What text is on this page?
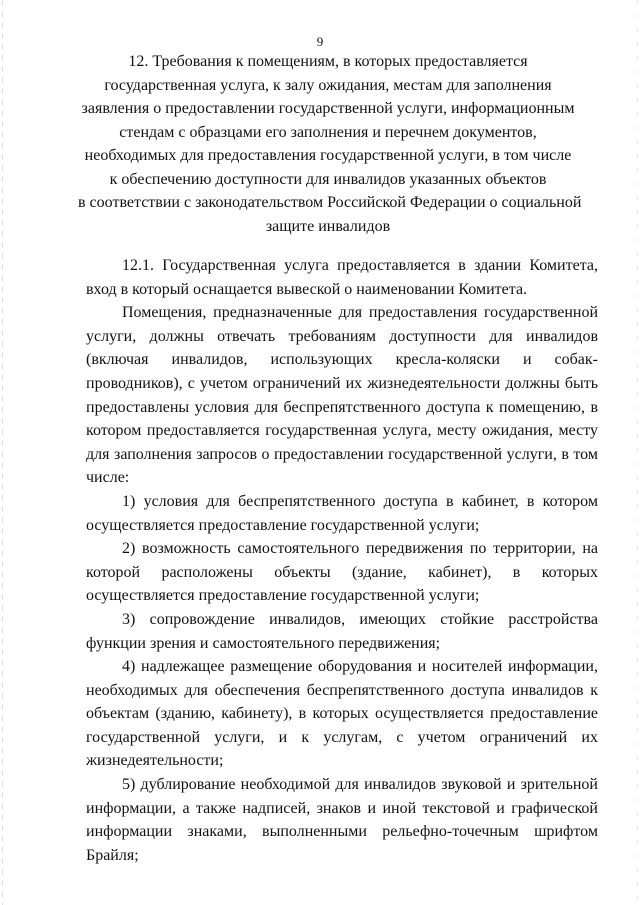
9
12. Требования к помещениям, в которых предоставляется
государственная услуга, к залу ожидания, местам для заполнения
заявления о предоставлении государственной услуги, информационным
стендам с образцами его заполнения и перечнем документов,
необходимых для предоставления государственной услуги, в том числе
к обеспечению доступности для инвалидов указанных объектов
в соответствии с законодательством Российской Федерации о социальной
защите инвалидов

12.1. Государственная услуга предоставляется в здании Комитета, вход в который оснащается вывеской о наименовании Комитета.

Помещения, предназначенные для предоставления государственной услуги, должны отвечать требованиям доступности для инвалидов (включая инвалидов, использующих кресла-коляски и собак-проводников), с учетом ограничений их жизнедеятельности должны быть предоставлены условия для беспрепятственного доступа к помещению, в котором предоставляется государственная услуга, месту ожидания, месту для заполнения запросов о предоставлении государственной услуги, в том числе:

1) условия для беспрепятственного доступа в кабинет, в котором осуществляется предоставление государственной услуги;

2) возможность самостоятельного передвижения по территории, на которой расположены объекты (здание, кабинет), в которых осуществляется предоставление государственной услуги;

3) сопровождение инвалидов, имеющих стойкие расстройства функции зрения и самостоятельного передвижения;

4) надлежащее размещение оборудования и носителей информации, необходимых для обеспечения беспрепятственного доступа инвалидов к объектам (зданию, кабинету), в которых осуществляется предоставление государственной услуги, и к услугам, с учетом ограничений их жизнедеятельности;

5) дублирование необходимой для инвалидов звуковой и зрительной информации, а также надписей, знаков и иной текстовой и графической информации знаками, выполненными рельефно-точечным шрифтом Брайля;
